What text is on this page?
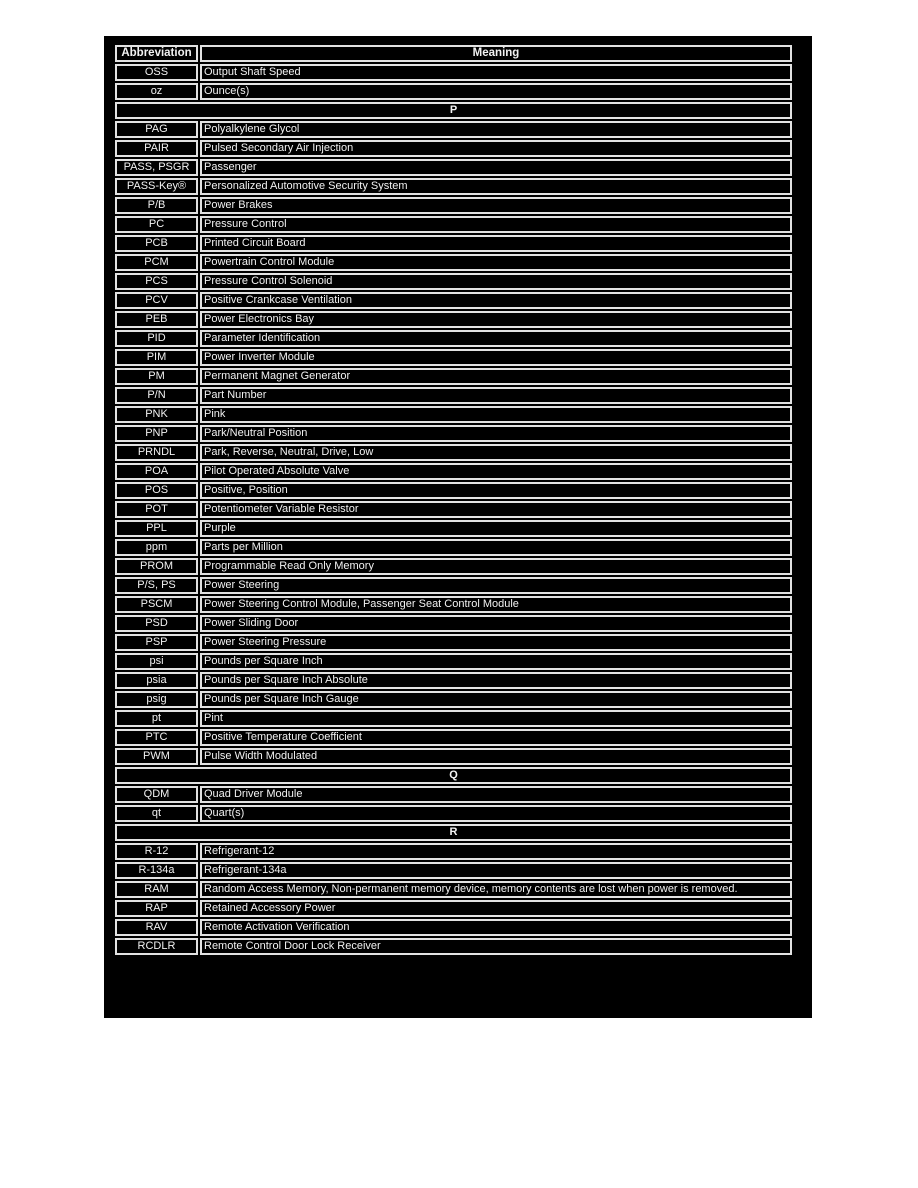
Abbreviation	Meaning
OSS	Output Shaft Speed
oz	Ounce(s)
P	
PAG	Polyalkylene Glycol
PAIR	Pulsed Secondary Air Injection
PASS, PSGR	Passenger
PASS-Key®	Personalized Automotive Security System
P/B	Power Brakes
PC	Pressure Control
PCB	Printed Circuit Board
PCM	Powertrain Control Module
PCS	Pressure Control Solenoid
PCV	Positive Crankcase Ventilation
PEB	Power Electronics Bay
PID	Parameter Identification
PIM	Power Inverter Module
PM	Permanent Magnet Generator
P/N	Part Number
PNK	Pink
PNP	Park/Neutral Position
PRNDL	Park, Reverse, Neutral, Drive, Low
POA	Pilot Operated Absolute Valve
POS	Positive, Position
POT	Potentiometer Variable Resistor
PPL	Purple
ppm	Parts per Million
PROM	Programmable Read Only Memory
P/S, PS	Power Steering
PSCM	Power Steering Control Module, Passenger Seat Control Module
PSD	Power Sliding Door
PSP	Power Steering Pressure
psi	Pounds per Square Inch
psia	Pounds per Square Inch Absolute
psig	Pounds per Square Inch Gauge
pt	Pint
PTC	Positive Temperature Coefficient
PWM	Pulse Width Modulated
Q	
QDM	Quad Driver Module
qt	Quart(s)
R	
R-12	Refrigerant-12
R-134a	Refrigerant-134a
RAM	Random Access Memory, Non-permanent memory device, memory contents are lost when power is removed.
RAP	Retained Accessory Power
RAV	Remote Activation Verification
RCDLR	Remote Control Door Lock Receiver
